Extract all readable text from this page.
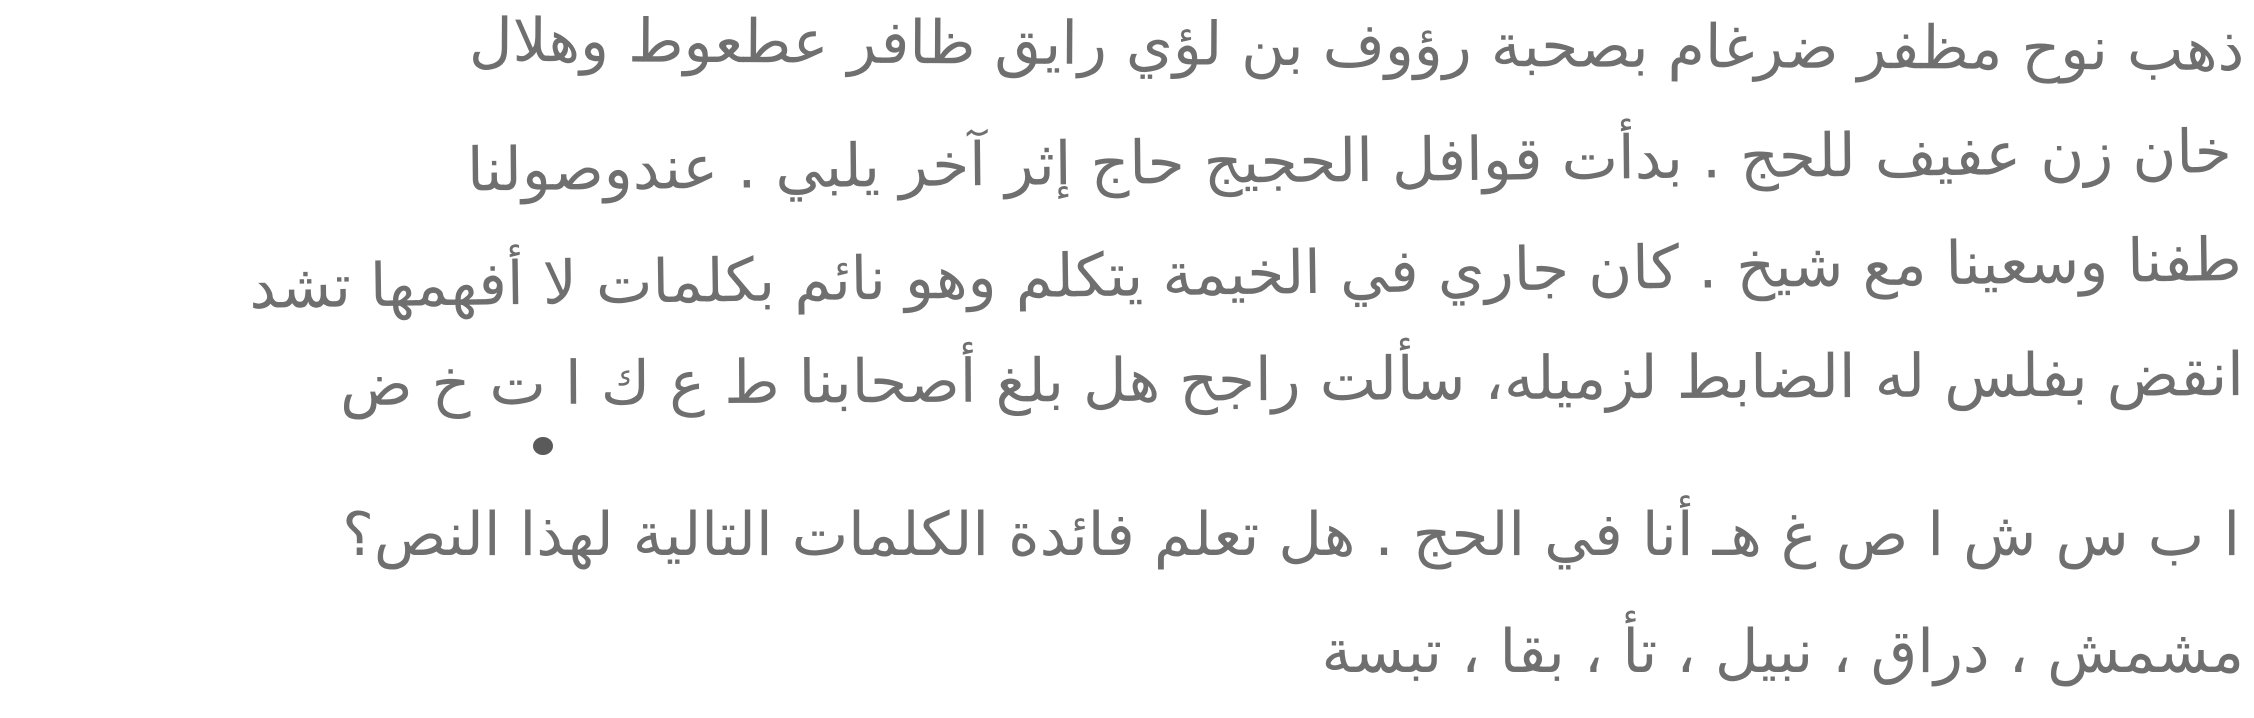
ذهب نوح مظفر ضرغام بصحبة رؤوف بن لؤي رايق ظافر عطعوط وهلال
خان زن عفيف للحج . بدأت قوافل الحجيج حاج إثر آخر يلبي . عندوصولنا
طفنا وسعينا مع شيخ . كان جاري في الخيمة يتكلم وهو نائم بكلمات لا أفهمها تشد
انقض بفلس له الضابط لزميله، سألت راجح هل بلغ أصحابنا ط ع ك ا ت خ ض
ا ب س ش ا ص غ هـ أنا في الحج . هل تعلم فائدة الكلمات التالية لهذا النص؟
مشمش ، دراق ، نبيل ، تأ ، بقا ، تبسة
